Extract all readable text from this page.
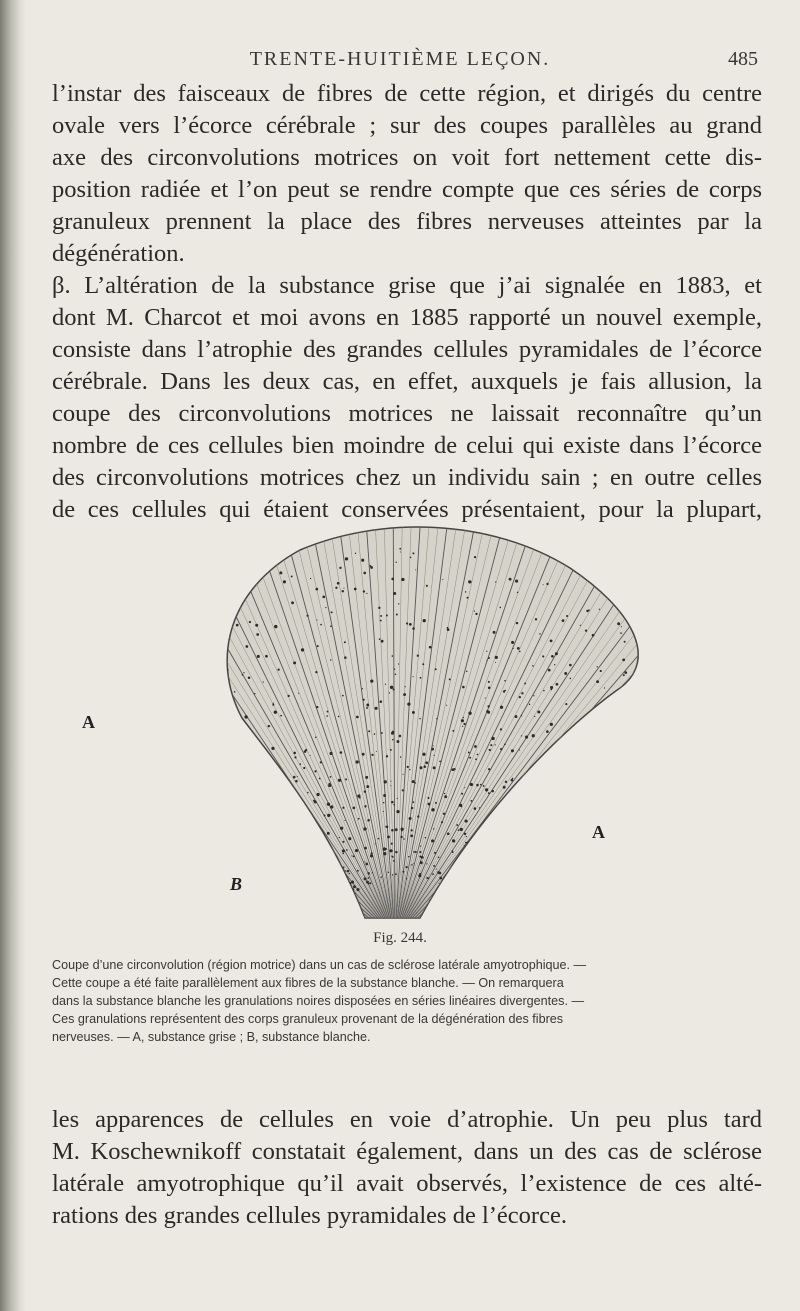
TRENTE-HUITIÈME LEÇON.	485
l’instar des faisceaux de fibres de cette région, et dirigés du centre
ovale vers l’écorce cérébrale ; sur des coupes parallèles au grand
axe des circonvolutions motrices on voit fort nettement cette dis-
position radiée et l’on peut se rendre compte que ces séries de corps
granuleux prennent la place des fibres nerveuses atteintes par la
dégénération.
β. L’altération de la substance grise que j’ai signalée en 1883, et
dont M. Charcot et moi avons en 1885 rapporté un nouvel exemple,
consiste dans l’atrophie des grandes cellules pyramidales de l’écorce
cérébrale. Dans les deux cas, en effet, auxquels je fais allusion, la
coupe des circonvolutions motrices ne laissait reconnaître qu’un
nombre de ces cellules bien moindre de celui qui existe dans l’écorce
des circonvolutions motrices chez un individu sain ; en outre celles
de ces cellules qui étaient conservées présentaient, pour la plupart,
A
A
B
Fig. 244.
Coupe d’une circonvolution (région motrice) dans un cas de sclérose latérale amyotrophique. —
Cette coupe a été faite parallèlement aux fibres de la substance blanche. — On remarquera
dans la substance blanche les granulations noires disposées en séries linéaires divergentes. —
Ces granulations représentent des corps granuleux provenant de la dégénération des fibres
nerveuses. — A, substance grise ; B, substance blanche.
les apparences de cellules en voie d’atrophie. Un peu plus tard
M. Koschewnikoff constatait également, dans un des cas de sclérose
latérale amyotrophique qu’il avait observés, l’existence de ces alté-
rations des grandes cellules pyramidales de l’écorce.
